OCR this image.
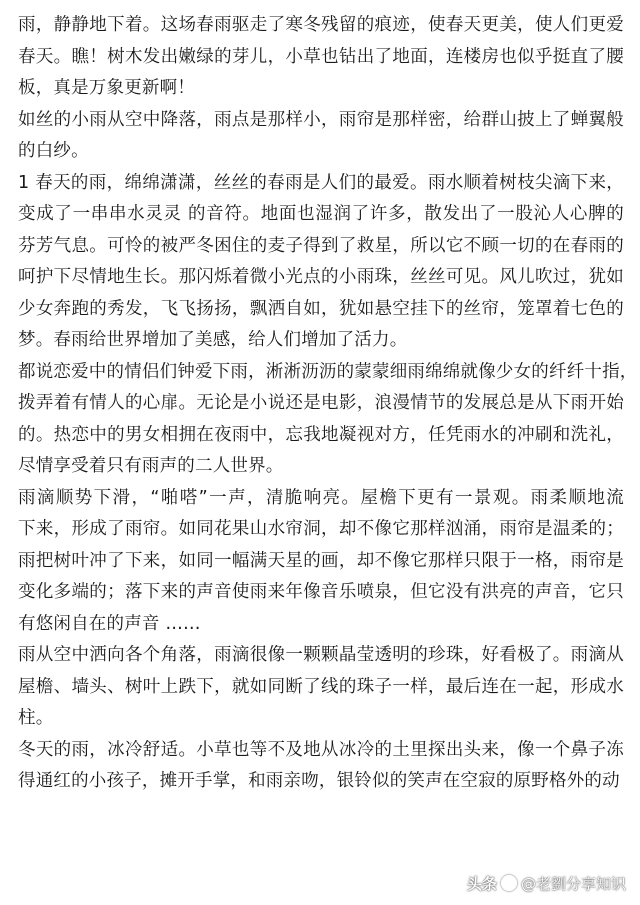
雨，静静地下着。这场春雨驱走了寒冬残留的痕迹，使春天更美，使人们更爱
春天。瞧！树木发出嫩绿的芽儿，小草也钻出了地面，连楼房也似乎挺直了腰
板，真是万象更新啊！
如丝的小雨从空中降落，雨点是那样小，雨帘是那样密，给群山披上了蝉翼般
的白纱。
1 春天的雨，绵绵潇潇，丝丝的春雨是人们的最爱。雨水顺着树枝尖滴下来，
变成了一串串水灵灵 的音符。地面也湿润了许多，散发出了一股沁人心脾的
芬芳气息。可怜的被严冬困住的麦子得到了救星，所以它不顾一切的在春雨的
呵护下尽情地生长。那闪烁着微小光点的小雨珠，丝丝可见。风儿吹过，犹如
少女奔跑的秀发，飞飞扬扬，飘洒自如，犹如悬空挂下的丝帘，笼罩着七色的
梦。春雨给世界增加了美感，给人们增加了活力。
都说恋爱中的情侣们钟爱下雨，淅淅沥沥的蒙蒙细雨绵绵就像少女的纤纤十指，
拨弄着有情人的心扉。无论是小说还是电影，浪漫情节的发展总是从下雨开始
的。热恋中的男女相拥在夜雨中，忘我地凝视对方，任凭雨水的冲刷和洗礼，
尽情享受着只有雨声的二人世界。
雨滴顺势下滑，“啪嗒”一声，清脆响亮。屋檐下更有一景观。雨柔顺地流
下来，形成了雨帘。如同花果山水帘洞，却不像它那样汹涌，雨帘是温柔的；
雨把树叶冲了下来，如同一幅满天星的画，却不像它那样只限于一格，雨帘是
变化多端的；落下来的声音使雨来年像音乐喷泉，但它没有洪亮的声音，它只
有悠闲自在的声音 ……
雨从空中洒向各个角落，雨滴很像一颗颗晶莹透明的珍珠，好看极了。雨滴从
屋檐、墙头、树叶上跌下，就如同断了线的珠子一样，最后连在一起，形成水
柱。
冬天的雨，冰冷舒适。小草也等不及地从冰冷的土里探出头来，像一个鼻子冻
得通红的小孩子，摊开手掌，和雨亲吻，银铃似的笑声在空寂的原野格外的动
头条 @老劉分享知识
